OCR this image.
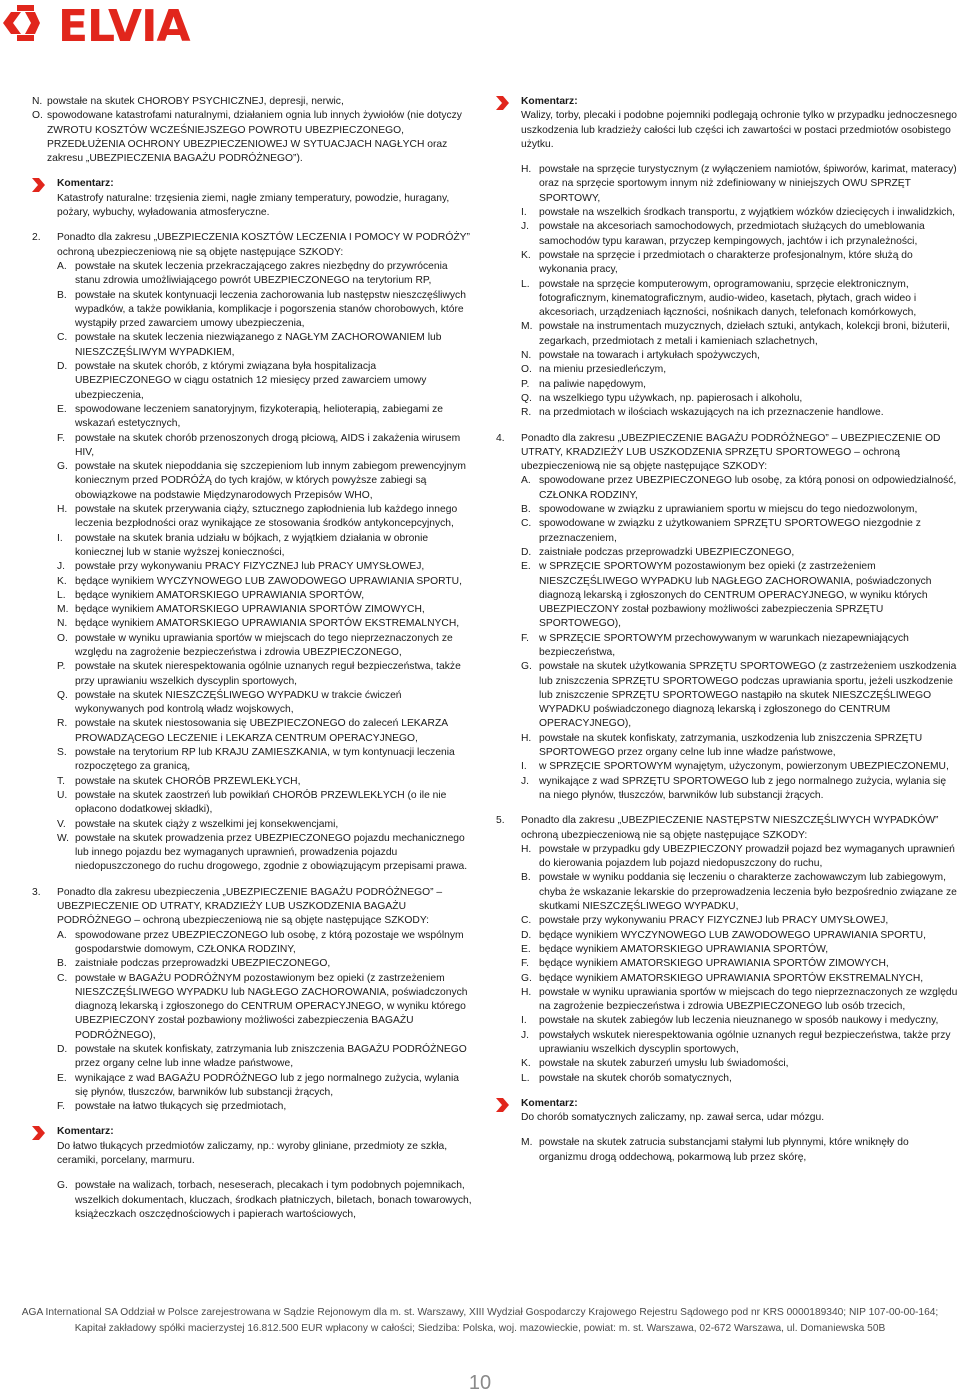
ELVIA
N. powstałe na skutek CHOROBY PSYCHICZNEJ, depresji, nerwic,
O. spowodowane katastrofami naturalnymi, działaniem ognia lub innych żywiołów (nie dotyczy ZWROTU KOSZTÓW WCZEŚNIEJSZEGO POWROTU UBEZPIECZONEGO, PRZEDŁUŻENIA OCHRONY UBEZPIECZENIOWEJ W SYTUACJACH NAGŁYCH oraz zakresu „UBEZPIECZENIA BAGAŻU PODRÓŻNEGO”).
Komentarz:
Katastrofy naturalne: trzęsienia ziemi, nagłe zmiany temperatury, powodzie, huragany, pożary, wybuchy, wyładowania atmosferyczne.
2.	Ponadto dla zakresu „UBEZPIECZENIA KOSZTÓW LECZENIA I POMOCY W PODRÓŻY” ochroną ubezpieczeniową nie są objęte następujące SZKODY:
A. powstałe na skutek leczenia przekraczającego zakres niezbędny do przywrócenia stanu zdrowia umożliwiającego powrót UBEZPIECZONEGO na terytorium RP,
B. powstałe na skutek kontynuacji leczenia zachorowania lub następstw nieszczęśliwych wypadków, a także powikłania, komplikacje i pogorszenia stanów chorobowych, które wystąpiły przed zawarciem umowy ubezpieczenia,
C. powstałe na skutek leczenia niezwiązanego z NAGŁYM ZACHOROWANIEM lub NIESZCZĘŚLIWYM WYPADKIEM,
D. powstałe na skutek chorób, z którymi związana była hospitalizacja UBEZPIECZONEGO w ciągu ostatnich 12 miesięcy przed zawarciem umowy ubezpieczenia,
E. spowodowane leczeniem sanatoryjnym, fizykoterapią, helioterapią, zabiegami ze wskazań estetycznych,
F. powstałe na skutek chorób przenoszonych drogą płciową, AIDS i zakażenia wirusem HIV,
G. powstałe na skutek niepoddania się szczepieniom lub innym zabiegom prewencyjnym koniecznym przed PODRÓŻĄ do tych krajów, w których powyższe zabiegi są obowiązkowe na podstawie Międzynarodowych Przepisów WHO,
H. powstałe na skutek przerywania ciąży, sztucznego zapłodnienia lub każdego innego leczenia bezpłodności oraz wynikające ze stosowania środków antykoncepcyjnych,
I.	powstałe na skutek brania udziału w bójkach, z wyjątkiem działania w obronie koniecznej lub w stanie wyższej konieczności,
J. powstałe przy wykonywaniu PRACY FIZYCZNEJ lub PRACY UMYSŁOWEJ,
K. będące wynikiem WYCZYNOWEGO LUB ZAWODOWEGO UPRAWIANIA SPORTU,
L. będące wynikiem AMATORSKIEGO UPRAWIANIA SPORTÓW,
M. będące wynikiem AMATORSKIEGO UPRAWIANIA SPORTÓW ZIMOWYCH,
N. będące wynikiem AMATORSKIEGO UPRAWIANIA SPORTÓW EKSTREMALNYCH,
O. powstałe w wyniku uprawiania sportów w miejscach do tego nieprzeznaczonych ze względu na zagrożenie bezpieczeństwa i zdrowia UBEZPIECZONEGO,
P. powstałe na skutek nierespektowania ogólnie uznanych reguł bezpieczeństwa, także przy uprawianiu wszelkich dyscyplin sportowych,
Q. powstałe na skutek NIESZCZĘŚLIWEGO WYPADKU w trakcie ćwiczeń wykonywanych pod kontrolą władz wojskowych,
R. powstałe na skutek niestosowania się UBEZPIECZONEGO do zaleceń LEKARZA PROWADZĄCEGO LECZENIE i LEKARZA CENTRUM OPERACYJNEGO,
S. powstałe na terytorium RP lub KRAJU ZAMIESZKANIA, w tym kontynuacji leczenia rozpoczętego za granicą,
T. powstałe na skutek CHORÓB PRZEWLEKŁYCH,
U. powstałe na skutek zaostrzeń lub powikłań CHORÓB PRZEWLEKŁYCH (o ile nie opłacono dodatkowej składki),
V. powstałe na skutek ciąży z wszelkimi jej konsekwencjami,
W. powstałe na skutek prowadzenia przez UBEZPIECZONEGO pojazdu mechanicznego lub innego pojazdu bez wymaganych uprawnień, prowadzenia pojazdu niedopuszczonego do ruchu drogowego, zgodnie z obowiązującym przepisami prawa.
3.	Ponadto dla zakresu ubezpieczenia „UBEZPIECZENIE BAGAŻU PODRÓŻNEGO” – UBEZPIECZENIE OD UTRATY, KRADZIEŻY LUB USZKODZENIA BAGAŻU PODRÓŻNEGO – ochroną ubezpieczeniową nie są objęte następujące SZKODY:
A. spowodowane przez UBEZPIECZONEGO lub osobę, z którą pozostaje we wspólnym gospodarstwie domowym, CZŁONKA RODZINY,
B. zaistniałe podczas przeprowadzki UBEZPIECZONEGO,
C. powstałe w BAGAŻU PODRÓŻNYM pozostawionym bez opieki (z zastrzeżeniem NIESZCZĘŚLIWEGO WYPADKU lub NAGŁEGO ZACHOROWANIA, poświadczonych diagnozą lekarską i zgłoszonego do CENTRUM OPERACYJNEGO, w wyniku którego UBEZPIECZONY został pozbawiony możliwości zabezpieczenia BAGAŻU PODRÓŻNEGO),
D. powstałe na skutek konfiskaty, zatrzymania lub zniszczenia BAGAŻU PODRÓŻNEGO przez organy celne lub inne władze państwowe,
E. wynikające z wad BAGAŻU PODRÓŻNEGO lub z jego normalnego zużycia, wylania się płynów, tłuszczów, barwników lub substancji żrących,
F. powstałe na łatwo tłukących się przedmiotach,
Komentarz:
Do łatwo tłukących przedmiotów zaliczamy, np.: wyroby gliniane, przedmioty ze szkła, ceramiki, porcelany, marmuru.
G. powstałe na walizach, torbach, neseserach, plecakach i tym podobnych pojemnikach, wszelkich dokumentach, kluczach, środkach płatniczych, biletach, bonach towarowych, książeczkach oszczędnościowych i papierach wartościowych,
Komentarz:
Walizy, torby, plecaki i podobne pojemniki podlegają ochronie tylko w przypadku jednoczesnego uszkodzenia lub kradzieży całości lub części ich zawartości w postaci przedmiotów osobistego użytku.
H. powstałe na sprzęcie turystycznym (z wyłączeniem namiotów, śpiworów, karimat, materacy) oraz na sprzęcie sportowym innym niż zdefiniowany w niniejszych OWU SPRZĘT SPORTOWY,
I.	powstałe na wszelkich środkach transportu, z wyjątkiem wózków dziecięcych i inwalidzkich,
J. powstałe na akcesoriach samochodowych, przedmiotach służących do umeblowania samochodów typu karawan, przyczep kempingowych, jachtów i ich przynależności,
K. powstałe na sprzęcie i przedmiotach o charakterze profesjonalnym, które służą do wykonania pracy,
L. powstałe na sprzęcie komputerowym, oprogramowaniu, sprzęcie elektronicznym, fotograficznym, kinematograficznym, audio-wideo, kasetach, płytach, grach wideo i akcesoriach, urządzeniach łączności, nośnikach danych, telefonach komórkowych,
M. powstałe na instrumentach muzycznych, dziełach sztuki, antykach, kolekcji broni, biżuterii, zegarkach, przedmiotach z metali i kamieniach szlachetnych,
N. powstałe na towarach i artykułach spożywczych,
O. na mieniu przesiedleńczym,
P. na paliwie napędowym,
Q. na wszelkiego typu używkach, np. papierosach i alkoholu,
R. na przedmiotach w ilościach wskazujących na ich przeznaczenie handlowe.
4.	Ponadto dla zakresu „UBEZPIECZENIE BAGAŻU PODRÓŻNEGO” – UBEZPIECZENIE OD UTRATY, KRADZIEŻY LUB USZKODZENIA SPRZĘTU SPORTOWEGO – ochroną ubezpieczeniową nie są objęte następujące SZKODY:
A. spowodowane przez UBEZPIECZONEGO lub osobę, za którą ponosi on odpowiedzialność, CZŁONKA RODZINY,
B. spowodowane w związku z uprawianiem sportu w miejscu do tego niedozwolonym,
C. spowodowane w związku z użytkowaniem SPRZĘTU SPORTOWEGO niezgodnie z przeznaczeniem,
D. zaistniałe podczas przeprowadzki UBEZPIECZONEGO,
E. w SPRZĘCIE SPORTOWYM pozostawionym bez opieki (z zastrzeżeniem NIESZCZĘŚLIWEGO WYPADKU lub NAGŁEGO ZACHOROWANIA, poświadczonych diagnozą lekarską i zgłoszonych do CENTRUM OPERACYJNEGO, w wyniku których UBEZPIECZONY został pozbawiony możliwości zabezpieczenia SPRZĘTU SPORTOWEGO),
F. w SPRZĘCIE SPORTOWYM przechowywanym w warunkach niezapewniających bezpieczeństwa,
G. powstałe na skutek użytkowania SPRZĘTU SPORTOWEGO (z zastrzeżeniem uszkodzenia lub zniszczenia SPRZĘTU SPORTOWEGO podczas uprawiania sportu, jeżeli uszkodzenie lub zniszczenie SPRZĘTU SPORTOWEGO nastąpiło na skutek NIESZCZĘŚLIWEGO WYPADKU poświadczonego diagnozą lekarską i zgłoszonego do CENTRUM OPERACYJNEGO),
H. powstałe na skutek konfiskaty, zatrzymania, uszkodzenia lub zniszczenia SPRZĘTU SPORTOWEGO przez organy celne lub inne władze państwowe,
I.	w SPRZĘCIE SPORTOWYM wynajętym, użyczonym, powierzonym UBEZPIECZONEMU,
J. wynikające z wad SPRZĘTU SPORTOWEGO lub z jego normalnego zużycia, wylania się na niego płynów, tłuszczów, barwników lub substancji żrących.
5.	Ponadto dla zakresu „UBEZPIECZENIE NASTĘPSTW NIESZCZĘŚLIWYCH WYPADKÓW” ochroną ubezpieczeniową nie są objęte następujące SZKODY:
H. powstałe w przypadku gdy UBEZPIECZONY prowadził pojazd bez wymaganych uprawnień do kierowania pojazdem lub pojazd niedopuszczony do ruchu,
B. powstałe w wyniku poddania się leczeniu o charakterze zachowawczym lub zabiegowym, chyba że wskazanie lekarskie do przeprowadzenia leczenia było bezpośrednio związane ze skutkami NIESZCZĘŚLIWEGO WYPADKU,
C. powstałe przy wykonywaniu PRACY FIZYCZNEJ lub PRACY UMYSŁOWEJ,
D. będące wynikiem WYCZYNOWEGO LUB ZAWODOWEGO UPRAWIANIA SPORTU,
E. będące wynikiem AMATORSKIEGO UPRAWIANIA SPORTÓW,
F. będące wynikiem AMATORSKIEGO UPRAWIANIA SPORTÓW ZIMOWYCH,
G. będące wynikiem AMATORSKIEGO UPRAWIANIA SPORTÓW EKSTREMALNYCH,
H. powstałe w wyniku uprawiania sportów w miejscach do tego nieprzeznaczonych ze względu na zagrożenie bezpieczeństwa i zdrowia UBEZPIECZONEGO lub osób trzecich,
I.	powstałe na skutek zabiegów lub leczenia nieuznanego w sposób naukowy i medyczny,
J. powstałych wskutek nierespektowania ogólnie uznanych reguł bezpieczeństwa, także przy uprawianiu wszelkich dyscyplin sportowych,
K. powstałe na skutek zaburzeń umysłu lub świadomości,
L. powstałe na skutek chorób somatycznych,
Komentarz:
Do chorób somatycznych zaliczamy, np. zawał serca, udar mózgu.
M. powstałe na skutek zatrucia substancjami stałymi lub płynnymi, które wniknęły do organizmu drogą oddechową, pokarmową lub przez skórę,
AGA International SA Oddział w Polsce zarejestrowana w Sądzie Rejonowym dla m. st. Warszawy, XIII Wydział Gospodarczy Krajowego Rejestru Sądowego pod nr KRS 0000189340; NIP 107-00-00-164;
Kapitał zakładowy spółki macierzystej 16.812.500 EUR wpłacony w całości; Siedziba: Polska, woj. mazowieckie, powiat: m. st. Warszawa, 02-672 Warszawa, ul. Domaniewska 50B
10
